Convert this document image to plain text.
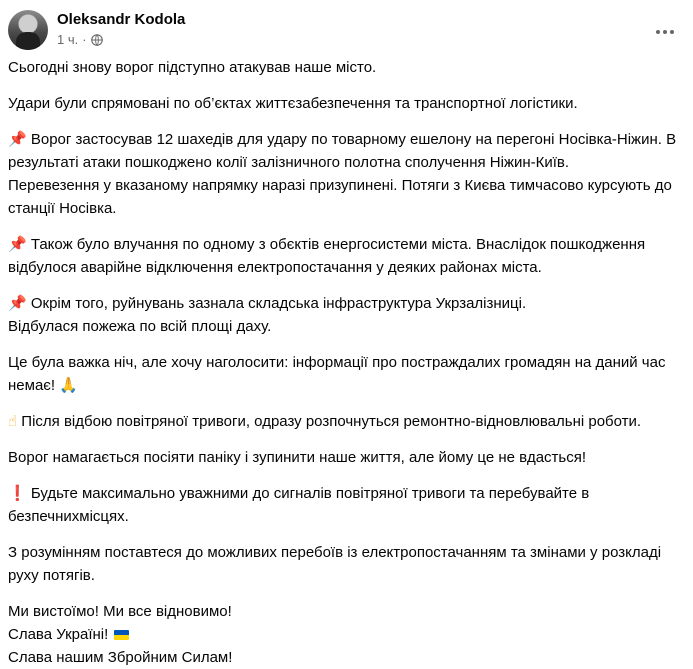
Oleksandr Kodola
1 ч. ·

Сьогодні знову ворог підступно атакував наше місто.

Удари були спрямовані по об’єктах життєзабезпечення та транспортної логістики.

📌 Ворог застосував 12 шахедів для удару по товарному ешелону на перегоні Носівка-Ніжин. В
результаті атаки пошкоджено колії залізничного полотна сполучення Ніжин-Київ.
Перевезення у вказаному напрямку наразі призупинені. Потяги з Києва тимчасово курсують до
станції Носівка.

📌 Також було влучання по одному з обєктів енергосистеми міста. Внаслідок пошкодження
відбулося аварійне відключення електропостачання у деяких районах міста.

📌 Окрім того, руйнувань зазнала складська інфраструктура Укрзалізниці.
Відбулася пожежа по всій площі даху.

Це була важка ніч, але хочу наголосити: інформації про постраждалих громадян на даний час
немає! 🙏

☝ Після відбою повітряної тривоги, одразу розпочнуться ремонтно-відновлювальні роботи.

Ворог намагається посіяти паніку і зупинити наше життя, але йому це не вдасться!

❗ Будьте максимально уважними до сигналів повітряної тривоги та перебувайте в
безпечнихмісцях.

З розумінням поставтеся до можливих перебоїв із електропостачанням та змінами у розкладі
руху потягів.

Ми вистоїмо! Ми все відновимо!
Слава Україні!
Слава нашим Збройним Силам!
